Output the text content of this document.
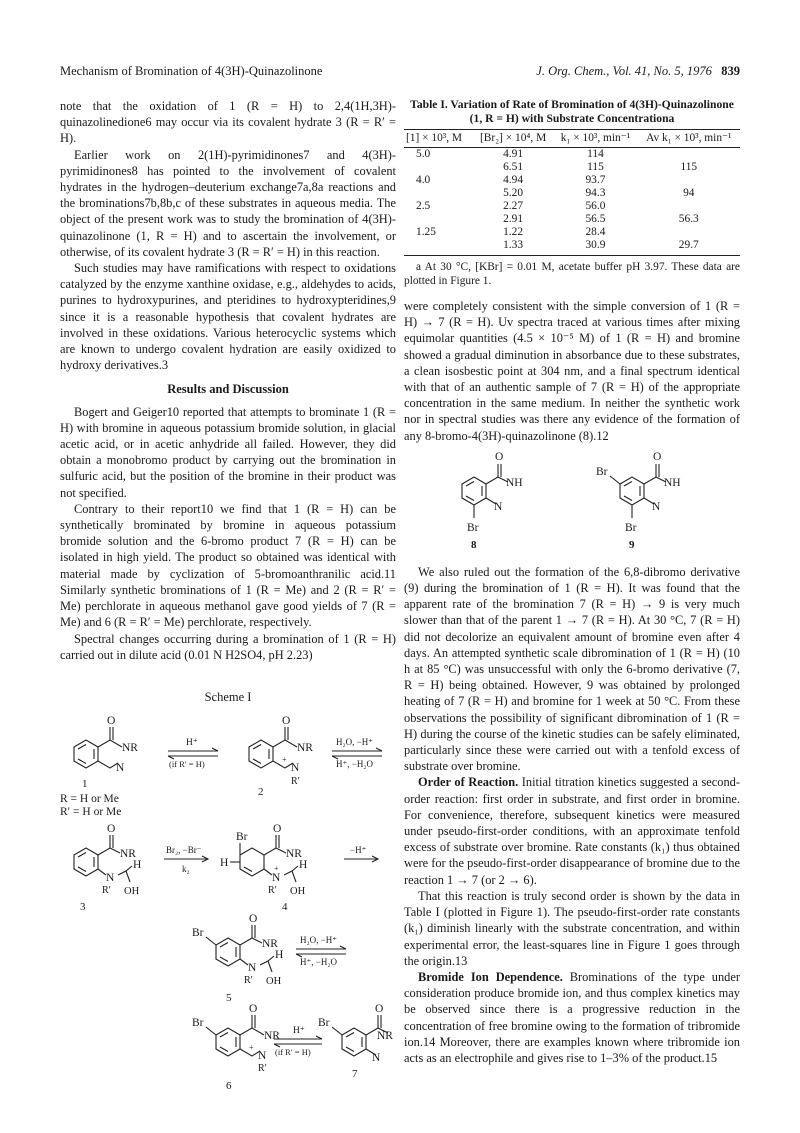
Mechanism of Bromination of 4(3H)-Quinazolinone	J. Org. Chem., Vol. 41, No. 5, 1976 839

note that the oxidation of 1 (R = H) to 2,4(1H,3H)-quinazolinedione6 may occur via its covalent hydrate 3 (R = R′ = H).

Earlier work on 2(1H)-pyrimidinones7 and 4(3H)-pyrimidinones8 has pointed to the involvement of covalent hydrates in the hydrogen–deuterium exchange7a,8a reactions and the brominations7b,8b,c of these substrates in aqueous media. The object of the present work was to study the bromination of 4(3H)-quinazolinone (1, R = H) and to ascertain the involvement, or otherwise, of its covalent hydrate 3 (R = R′ = H) in this reaction.

Such studies may have ramifications with respect to oxidations catalyzed by the enzyme xanthine oxidase, e.g., aldehydes to acids, purines to hydroxypurines, and pteridines to hydroxypteridines,9 since it is a reasonable hypothesis that covalent hydrates are involved in these oxidations. Various heterocyclic systems which are known to undergo covalent hydration are easily oxidized to hydroxy derivatives.3

Results and Discussion

Bogert and Geiger10 reported that attempts to brominate 1 (R = H) with bromine in aqueous potassium bromide solution, in glacial acetic acid, or in acetic anhydride all failed. However, they did obtain a monobromo product by carrying out the bromination in sulfuric acid, but the position of the bromine in their product was not specified.

Contrary to their report10 we find that 1 (R = H) can be synthetically brominated by bromine in aqueous potassium bromide solution and the 6-bromo product 7 (R = H) can be isolated in high yield. The product so obtained was identical with material made by cyclization of 5-bromoanthranilic acid.11 Similarly synthetic brominations of 1 (R = Me) and 2 (R = R′ = Me) perchlorate in aqueous methanol gave good yields of 7 (R = Me) and 6 (R = R′ = Me) perchlorate, respectively.

Spectral changes occurring during a bromination of 1 (R = H) carried out in dilute acid (0.01 N H2SO4, pH 2.23)

Scheme I
O
NR
N
1
R = H or Me
R′ = H or Me
H⁺
(if R′ = H)
O
NR
N
+
R′
2
H₂O, −H⁺
H⁺, −H₂O
O
NR
N
H
R′ OH
3
Br₂, −Br⁻
k₂
Br
H
O
NR
N
+ H
R′ OH
4
−H⁺
Br
O
NR
N
H
R′ OH
5
H₂O, −H⁺
H⁺, −H₂O
Br
O
NR
N
+
R′
6
H⁺
(if R′ = H)
Br
O
NR
N
7
Table I. Variation of Rate of Bromination of 4(3H)-Quinazolinone (1, R = H) with Substrate Concentrationa
[1] × 10³, M	[Br₂] × 10⁴, M	k₁ × 10³, min⁻¹	Av k₁ × 10³, min⁻¹
5.0	4.91	114	
	6.51	115	115
4.0	4.94	93.7	
	5.20	94.3	94
2.5	2.27	56.0	
	2.91	56.5	56.3
1.25	1.22	28.4	
	1.33	30.9	29.7
a At 30 °C, [KBr] = 0.01 M, acetate buffer pH 3.97. These data are plotted in Figure 1.

were completely consistent with the simple conversion of 1 (R = H) → 7 (R = H). Uv spectra traced at various times after mixing equimolar quantities (4.5 × 10⁻⁵ M) of 1 (R = H) and bromine showed a gradual diminution in absorbance due to these substrates, a clean isosbestic point at 304 nm, and a final spectrum identical with that of an authentic sample of 7 (R = H) of the appropriate concentration in the same medium. In neither the synthetic work nor in spectral studies was there any evidence of the formation of any 8-bromo-4(3H)-quinazolinone (8).12

O
NH
N
Br
8
O
NH
N
Br
Br
9

We also ruled out the formation of the 6,8-dibromo derivative (9) during the bromination of 1 (R = H). It was found that the apparent rate of the bromination 7 (R = H) → 9 is very much slower than that of the parent 1 → 7 (R = H). At 30 °C, 7 (R = H) did not decolorize an equivalent amount of bromine even after 4 days. An attempted synthetic scale dibromination of 1 (R = H) (10 h at 85 °C) was unsuccessful with only the 6-bromo derivative (7, R = H) being obtained. However, 9 was obtained by prolonged heating of 7 (R = H) and bromine for 1 week at 50 °C. From these observations the possibility of significant dibromination of 1 (R = H) during the course of the kinetic studies can be safely eliminated, particularly since these were carried out with a tenfold excess of substrate over bromine.

Order of Reaction. Initial titration kinetics suggested a second-order reaction: first order in substrate, and first order in bromine. For convenience, therefore, subsequent kinetics were measured under pseudo-first-order conditions, with an approximate tenfold excess of substrate over bromine. Rate constants (k₁) thus obtained were for the pseudo-first-order disappearance of bromine due to the reaction 1 → 7 (or 2 → 6).

That this reaction is truly second order is shown by the data in Table I (plotted in Figure 1). The pseudo-first-order rate constants (k₁) diminish linearly with the substrate concentration, and within experimental error, the least-squares line in Figure 1 goes through the origin.13

Bromide Ion Dependence. Brominations of the type under consideration produce bromide ion, and thus complex kinetics may be observed since there is a progressive reduction in the concentration of free bromine owing to the formation of tribromide ion.14 Moreover, there are examples known where tribromide ion acts as an electrophile and gives rise to 1–3% of the product.15
